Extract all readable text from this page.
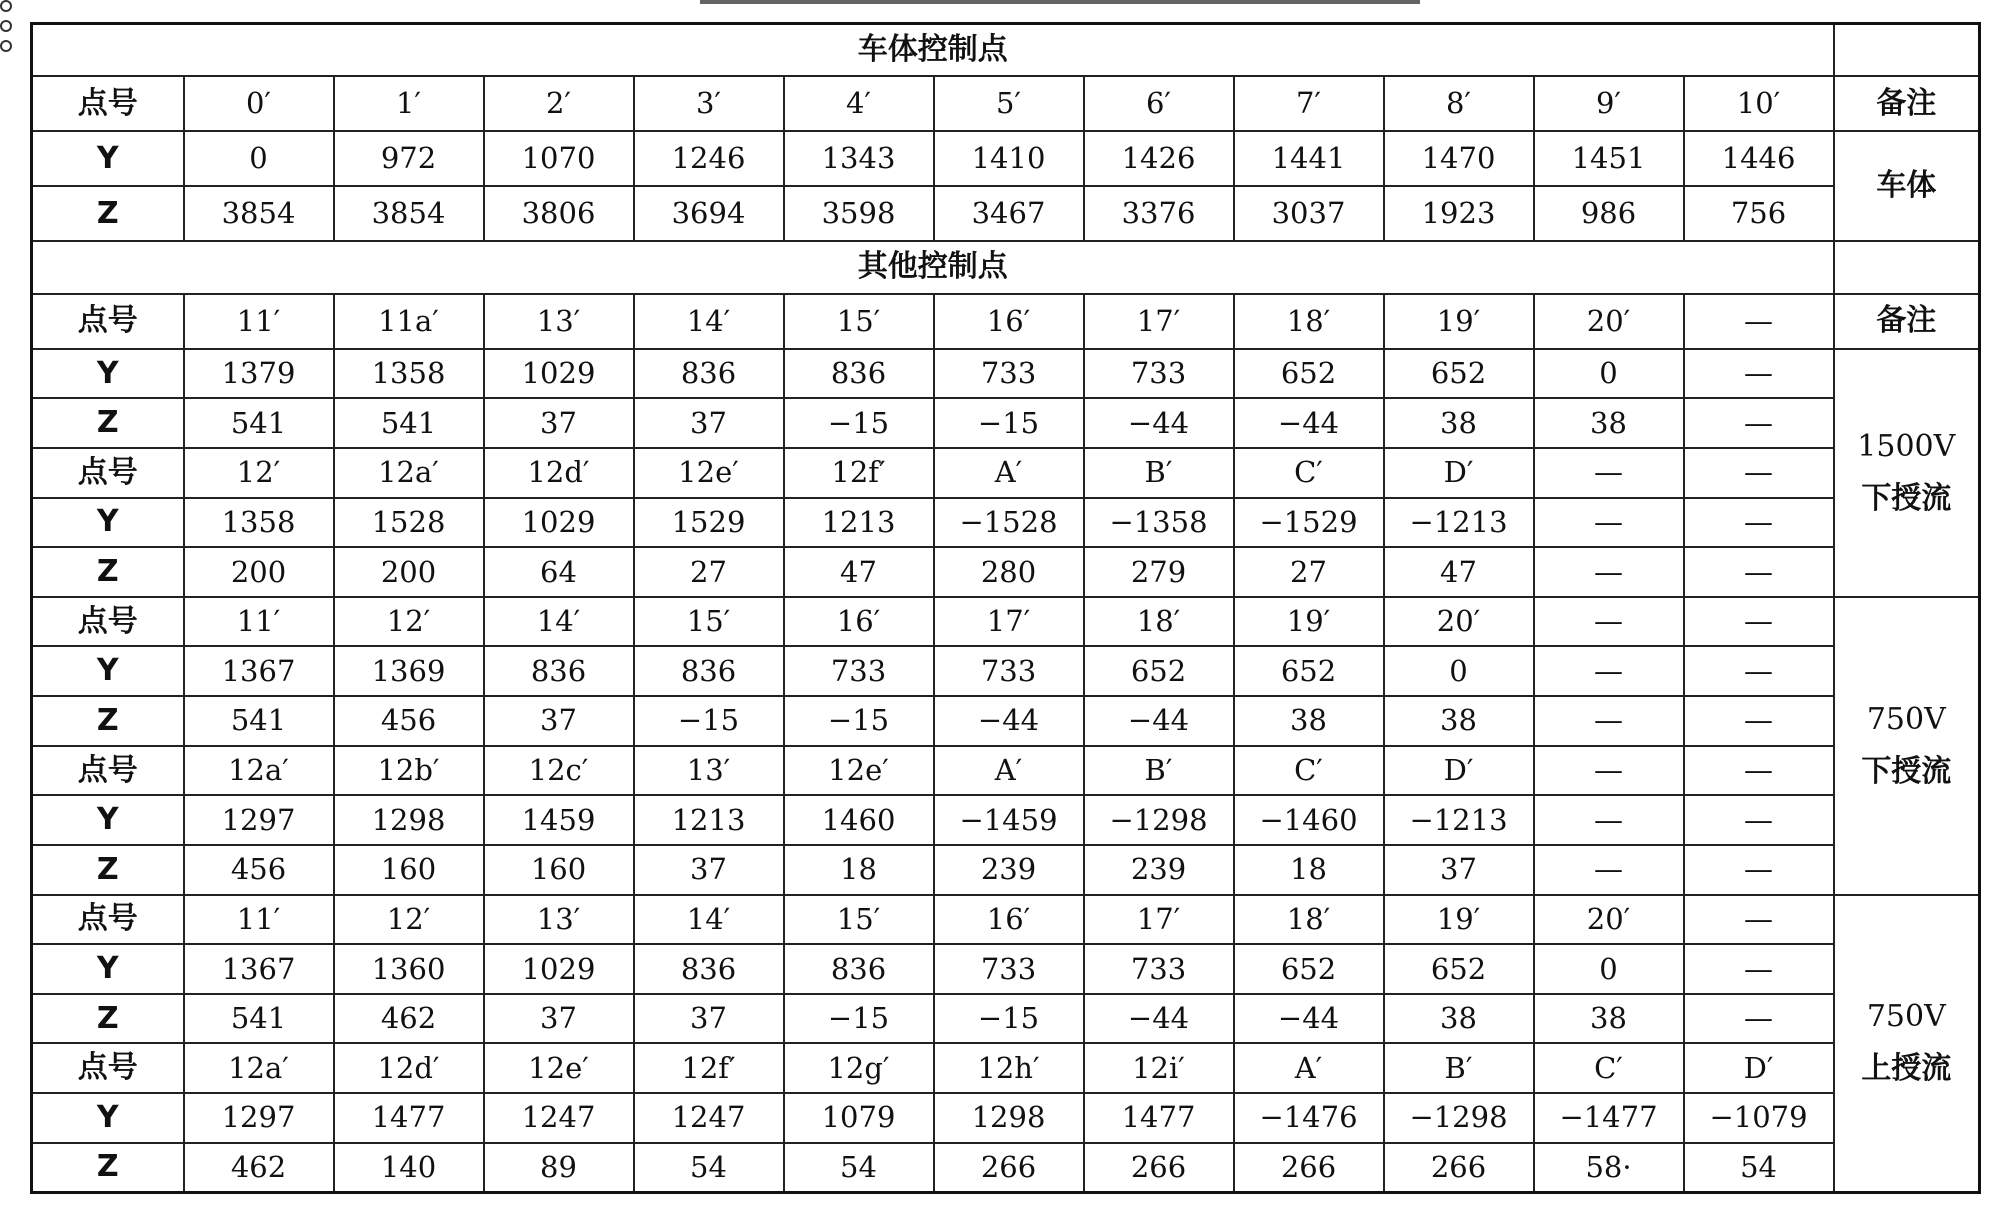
车体控制点												
点号	0′	1′	2′	3′	4′	5′	6′	7′	8′	9′	10′	备注
Y	0	972	1070	1246	1343	1410	1426	1441	1470	1451	1446	车体
Z	3854	3854	3806	3694	3598	3467	3376	3037	1923	986	756	
其他控制点												
点号	11′	11a′	13′	14′	15′	16′	17′	18′	19′	20′	—	备注
Y	1379	1358	1029	836	836	733	733	652	652	0	—	1500V
下授流

Z	541	541	37	37	−15	−15	−44	−44	38	38	—	
点号	12′	12a′	12d′	12e′	12f′	A′	B′	C′	D′	—	—	
Y	1358	1528	1029	1529	1213	−1528	−1358	−1529	−1213	—	—	
Z	200	200	64	27	47	280	279	27	47	—	—	
点号	11′	12′	14′	15′	16′	17′	18′	19′	20′	—	—	750V
下授流

Y	1367	1369	836	836	733	733	652	652	0	—	—	
Z	541	456	37	−15	−15	−44	−44	38	38	—	—	
点号	12a′	12b′	12c′	13′	12e′	A′	B′	C′	D′	—	—	
Y	1297	1298	1459	1213	1460	−1459	−1298	−1460	−1213	—	—	
Z	456	160	160	37	18	239	239	18	37	—	—	
点号	11′	12′	13′	14′	15′	16′	17′	18′	19′	20′	—	750V
上授流

Y	1367	1360	1029	836	836	733	733	652	652	0	—	
Z	541	462	37	37	−15	−15	−44	−44	38	38	—	
点号	12a′	12d′	12e′	12f′	12g′	12h′	12i′	A′	B′	C′	D′	
Y	1297	1477	1247	1247	1079	1298	1477	−1476	−1298	−1477	−1079	
Z	462	140	89	54	54	266	266	266	266	58·	54	
